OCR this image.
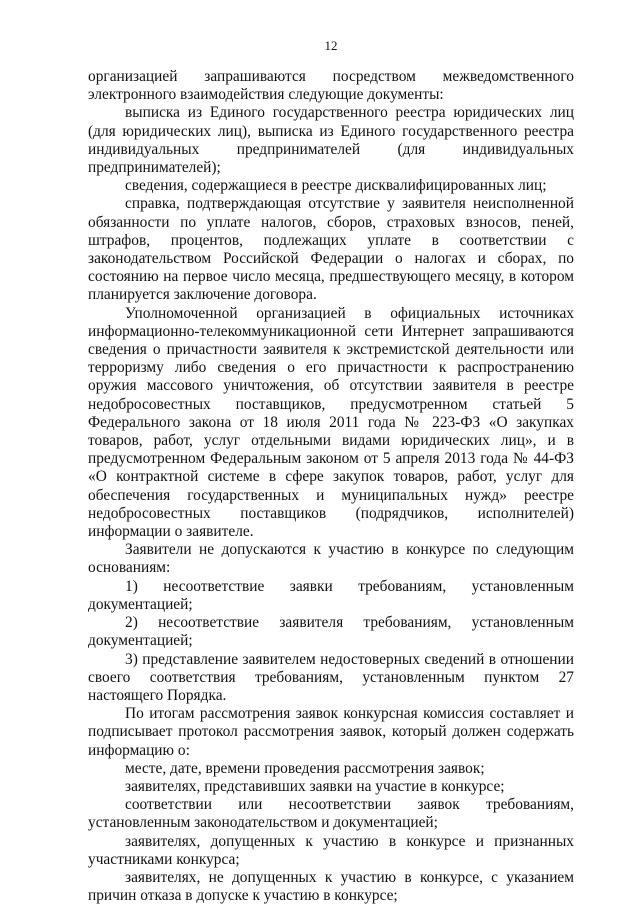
12

организацией запрашиваются посредством межведомственного электронного взаимодействия следующие документы:

выписка из Единого государственного реестра юридических лиц (для юридических лиц), выписка из Единого государственного реестра индивидуальных предпринимателей (для индивидуальных предпринимателей);

сведения, содержащиеся в реестре дисквалифицированных лиц;

справка, подтверждающая отсутствие у заявителя неисполненной обязанности по уплате налогов, сборов, страховых взносов, пеней, штрафов, процентов, подлежащих уплате в соответствии с законодательством Российской Федерации о налогах и сборах, по состоянию на первое число месяца, предшествующего месяцу, в котором планируется заключение договора.

Уполномоченной организацией в официальных источниках информационно-телекоммуникационной сети Интернет запрашиваются сведения о причастности заявителя к экстремистской деятельности или терроризму либо сведения о его причастности к распространению оружия массового уничтожения, об отсутствии заявителя в реестре недобросовестных поставщиков, предусмотренном статьей 5 Федерального закона от 18 июля 2011 года № 223-ФЗ «О закупках товаров, работ, услуг отдельными видами юридических лиц», и в предусмотренном Федеральным законом от 5 апреля 2013 года № 44-ФЗ «О контрактной системе в сфере закупок товаров, работ, услуг для обеспечения государственных и муниципальных нужд» реестре недобросовестных поставщиков (подрядчиков, исполнителей) информации о заявителе.

Заявители не допускаются к участию в конкурсе по следующим основаниям:

1) несоответствие заявки требованиям, установленным документацией;

2) несоответствие заявителя требованиям, установленным документацией;

3) представление заявителем недостоверных сведений в отношении своего соответствия требованиям, установленным пунктом 27 настоящего Порядка.

По итогам рассмотрения заявок конкурсная комиссия составляет и подписывает протокол рассмотрения заявок, который должен содержать информацию о:

месте, дате, времени проведения рассмотрения заявок;

заявителях, представивших заявки на участие в конкурсе;

соответствии или несоответствии заявок требованиям, установленным законодательством и документацией;

заявителях, допущенных к участию в конкурсе и признанных участниками конкурса;

заявителях, не допущенных к участию в конкурсе, с указанием причин отказа в допуске к участию в конкурсе;
